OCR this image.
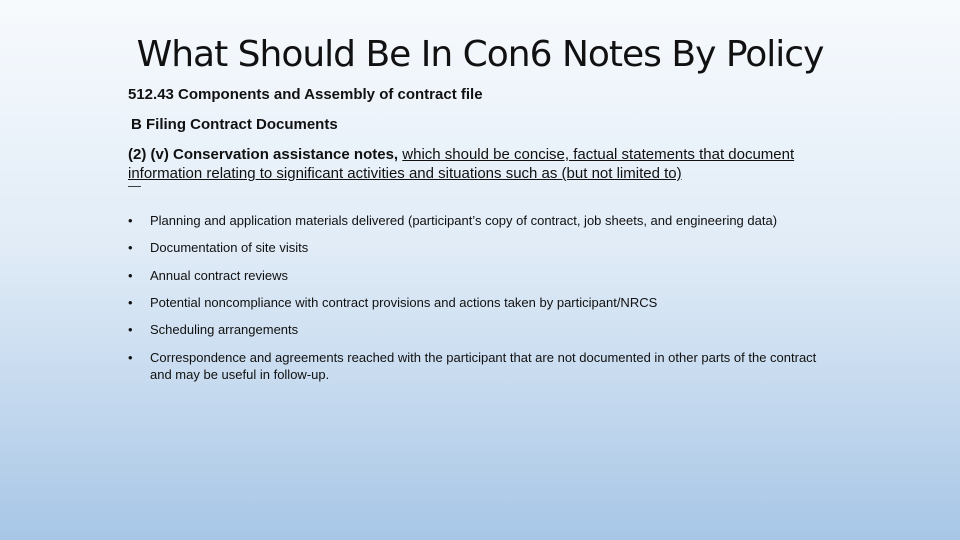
What Should Be In Con6 Notes By Policy

512.43 Components and Assembly of contract file

B Filing Contract Documents

(2) (v) Conservation assistance notes, which should be concise, factual statements that document information relating to significant activities and situations such as (but not limited to)

—
• Planning and application materials delivered (participant’s copy of contract, job sheets, and engineering data)
• Documentation of site visits
• Annual contract reviews
• Potential noncompliance with contract provisions and actions taken by participant/NRCS
• Scheduling arrangements
• Correspondence and agreements reached with the participant that are not documented in other parts of the contract and may be useful in follow-up.
